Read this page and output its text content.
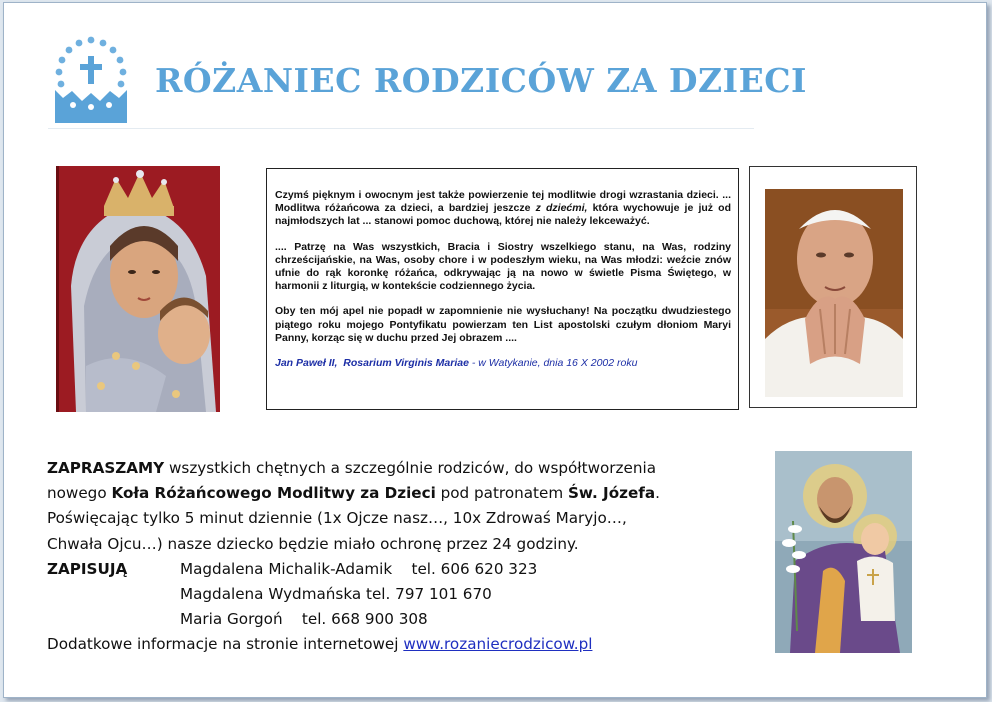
RÓŻANIEC RODZICÓW ZA DZIECI

Czymś pięknym i owocnym jest także powierzenie tej modlitwie drogi wzrastania dzieci. ... Modlitwa różańcowa za dzieci, a bardziej jeszcze z dziećmi, która wychowuje je już od najmłodszych lat ... stanowi pomoc duchową, której nie należy lekceważyć.

.... Patrzę na Was wszystkich, Bracia i Siostry wszelkiego stanu, na Was, rodziny chrześcijańskie, na Was, osoby chore i w podeszłym wieku, na Was młodzi: weźcie znów ufnie do rąk koronkę różańca, odkrywając ją na nowo w świetle Pisma Świętego, w harmonii z liturgią, w kontekście codziennego życia.

Oby ten mój apel nie popadł w zapomnienie nie wysłuchany! Na początku dwudziestego piątego roku mojego Pontyfikatu powierzam ten List apostolski czułym dłoniom Maryi Panny, korząc się w duchu przed Jej obrazem ....

Jan Paweł II, Rosarium Virginis Mariae - w Watykanie, dnia 16 X 2002 roku
ZAPRASZAMY wszystkich chętnych a szczególnie rodziców, do współtworzenia
nowego Koła Różańcowego Modlitwy za Dzieci pod patronatem Św. Józefa.
Poświęcając tylko 5 minut dziennie (1x Ojcze nasz…, 10x Zdrowaś Maryjo…,
Chwała Ojcu…) nasze dziecko będzie miało ochronę przez 24 godziny.
ZAPISUJĄ	Magdalena Michalik-Adamik    tel. 606 620 323
Magdalena Wydmańska tel. 797 101 670
Maria Gorgoń    tel. 668 900 308
Dodatkowe informacje na stronie internetowej www.rozaniecrodzicow.pl
